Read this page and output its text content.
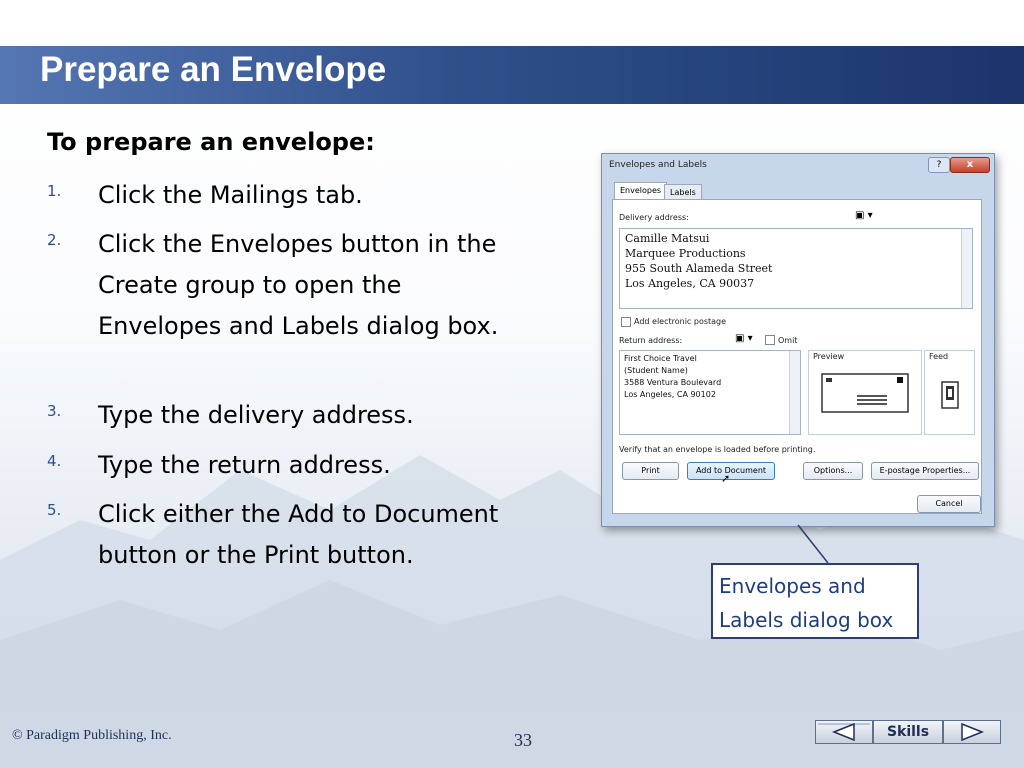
Prepare an Envelope
To prepare an envelope:
1. Click the Mailings tab.
2. Click the Envelopes button in the Create group to open the Envelopes and Labels dialog box.
3. Type the delivery address.
4. Type the return address.
5. Click either the Add to Document button or the Print button.
Envelopes and Labels	?	x
Envelopes	Labels
Delivery address:	▣ ▾
Camille Matsui
Marquee Productions
955 South Alameda Street
Los Angeles, CA 90037
Add electronic postage
Return address:	▣ ▾	Omit
First Choice Travel
(Student Name)
3588 Ventura Boulevard
Los Angeles, CA 90102
Preview	Feed
Verify that an envelope is loaded before printing.
Print	Add to Document
➚
Options...	E-postage Properties...
Cancel
Envelopes and
Labels dialog box
© Paradigm Publishing, Inc.	33	Skills
